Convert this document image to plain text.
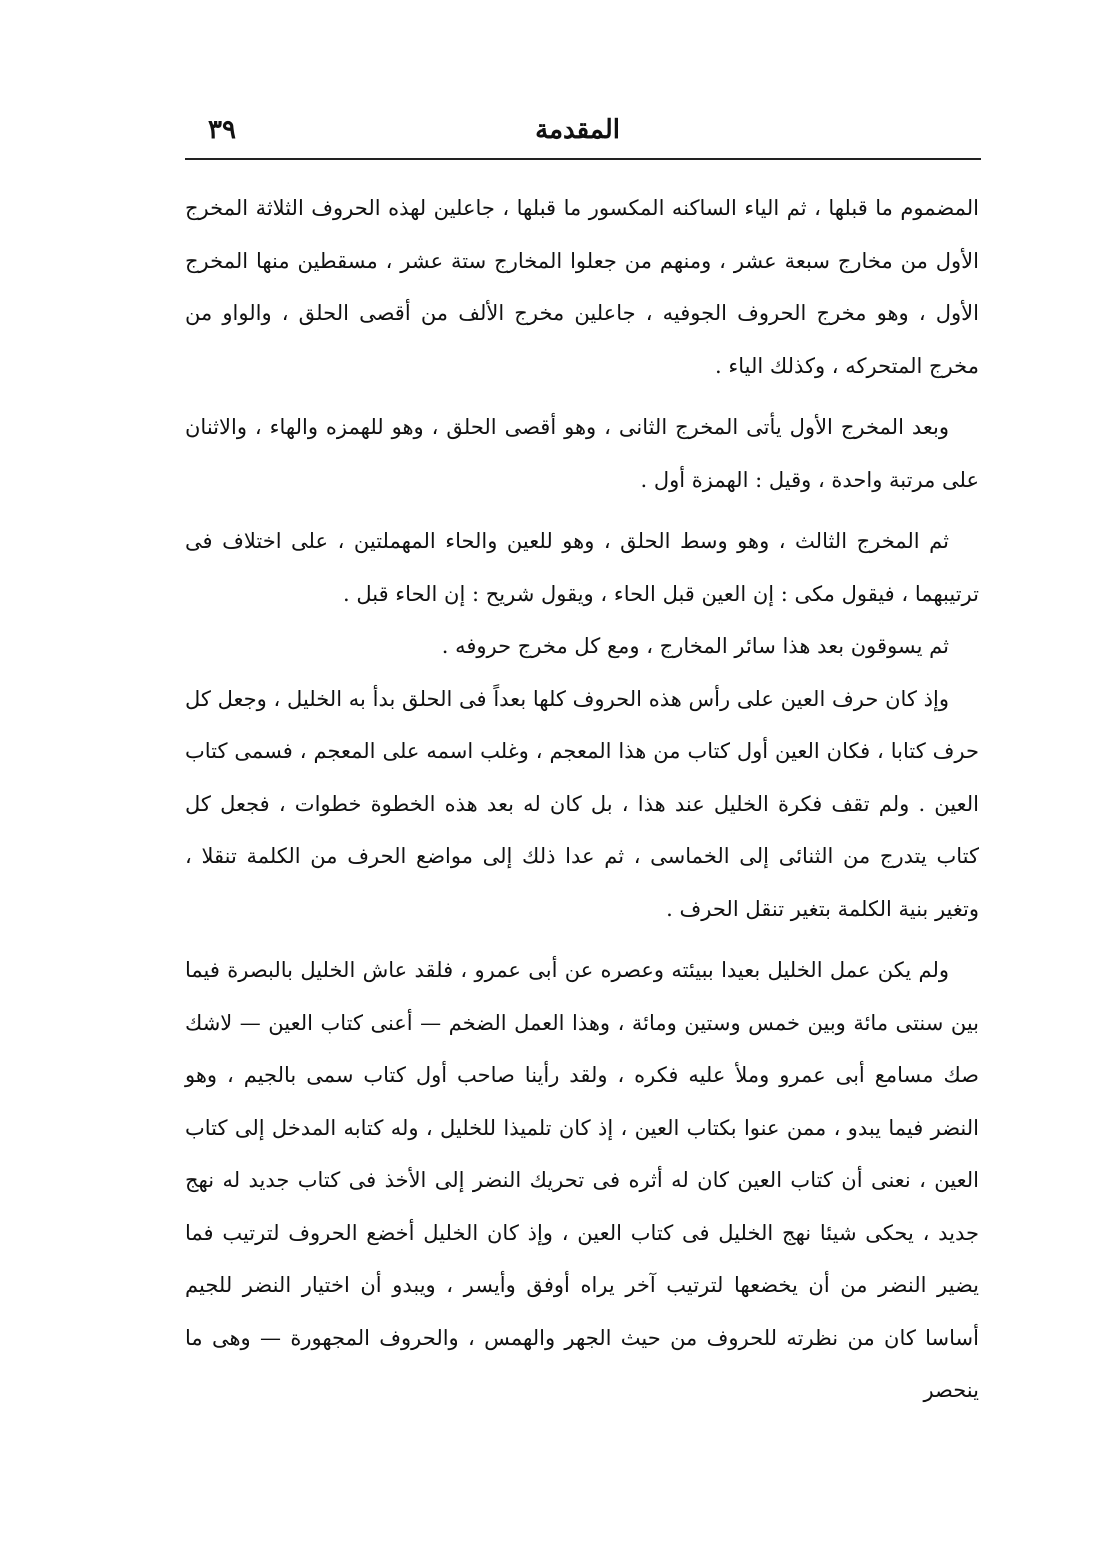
المقدمة
٣٩

المضموم ما قبلها ، ثم الياء الساكنه المكسور ما قبلها ، جاعلين لهذه الحروف الثلاثة المخرج الأول من مخارج سبعة عشر ، ومنهم من جعلوا المخارج ستة عشر ، مسقطين منها المخرج الأول ، وهو مخرج الحروف الجوفيه ، جاعلين مخرج الألف من أقصى الحلق ، والواو من مخرج المتحركه ، وكذلك الياء .

وبعد المخرج الأول يأتى المخرج الثانى ، وهو أقصى الحلق ، وهو للهمزه والهاء ، والاثنان على مرتبة واحدة ، وقيل : الهمزة أول .

ثم المخرج الثالث ، وهو وسط الحلق ، وهو للعين والحاء المهملتين ، على اختلاف فى ترتيبهما ، فيقول مكى : إن العين قبل الحاء ، ويقول شريح : إن الحاء قبل .

ثم يسوقون بعد هذا سائر المخارج ، ومع كل مخرج حروفه .

وإذ كان حرف العين على رأس هذه الحروف كلها بعداً فى الحلق بدأ به الخليل ، وجعل كل حرف كتابا ، فكان العين أول كتاب من هذا المعجم ، وغلب اسمه على المعجم ، فسمى كتاب العين . ولم تقف فكرة الخليل عند هذا ، بل كان له بعد هذه الخطوة خطوات ، فجعل كل كتاب يتدرج من الثنائى إلى الخماسى ، ثم عدا ذلك إلى مواضع الحرف من الكلمة تنقلا ، وتغير بنية الكلمة بتغير تنقل الحرف .

ولم يكن عمل الخليل بعيدا ببيئته وعصره عن أبى عمرو ، فلقد عاش الخليل بالبصرة فيما بين سنتى مائة وبين خمس وستين ومائة ، وهذا العمل الضخم — أعنى كتاب العين — لاشك صك مسامع أبى عمرو وملأ عليه فكره ، ولقد رأينا صاحب أول كتاب سمى بالجيم ، وهو النضر فيما يبدو ، ممن عنوا بكتاب العين ، إذ كان تلميذا للخليل ، وله كتابه المدخل إلى كتاب العين ، نعنى أن كتاب العين كان له أثره فى تحريك النضر إلى الأخذ فى كتاب جديد له نهج جديد ، يحكى شيئا نهج الخليل فى كتاب العين ، وإذ كان الخليل أخضع الحروف لترتيب فما يضير النضر من أن يخضعها لترتيب آخر يراه أوفق وأيسر ، ويبدو أن اختيار النضر للجيم أساسا كان من نظرته للحروف من حيث الجهر والهمس ، والحروف المجهورة — وهى ما ينحصر
